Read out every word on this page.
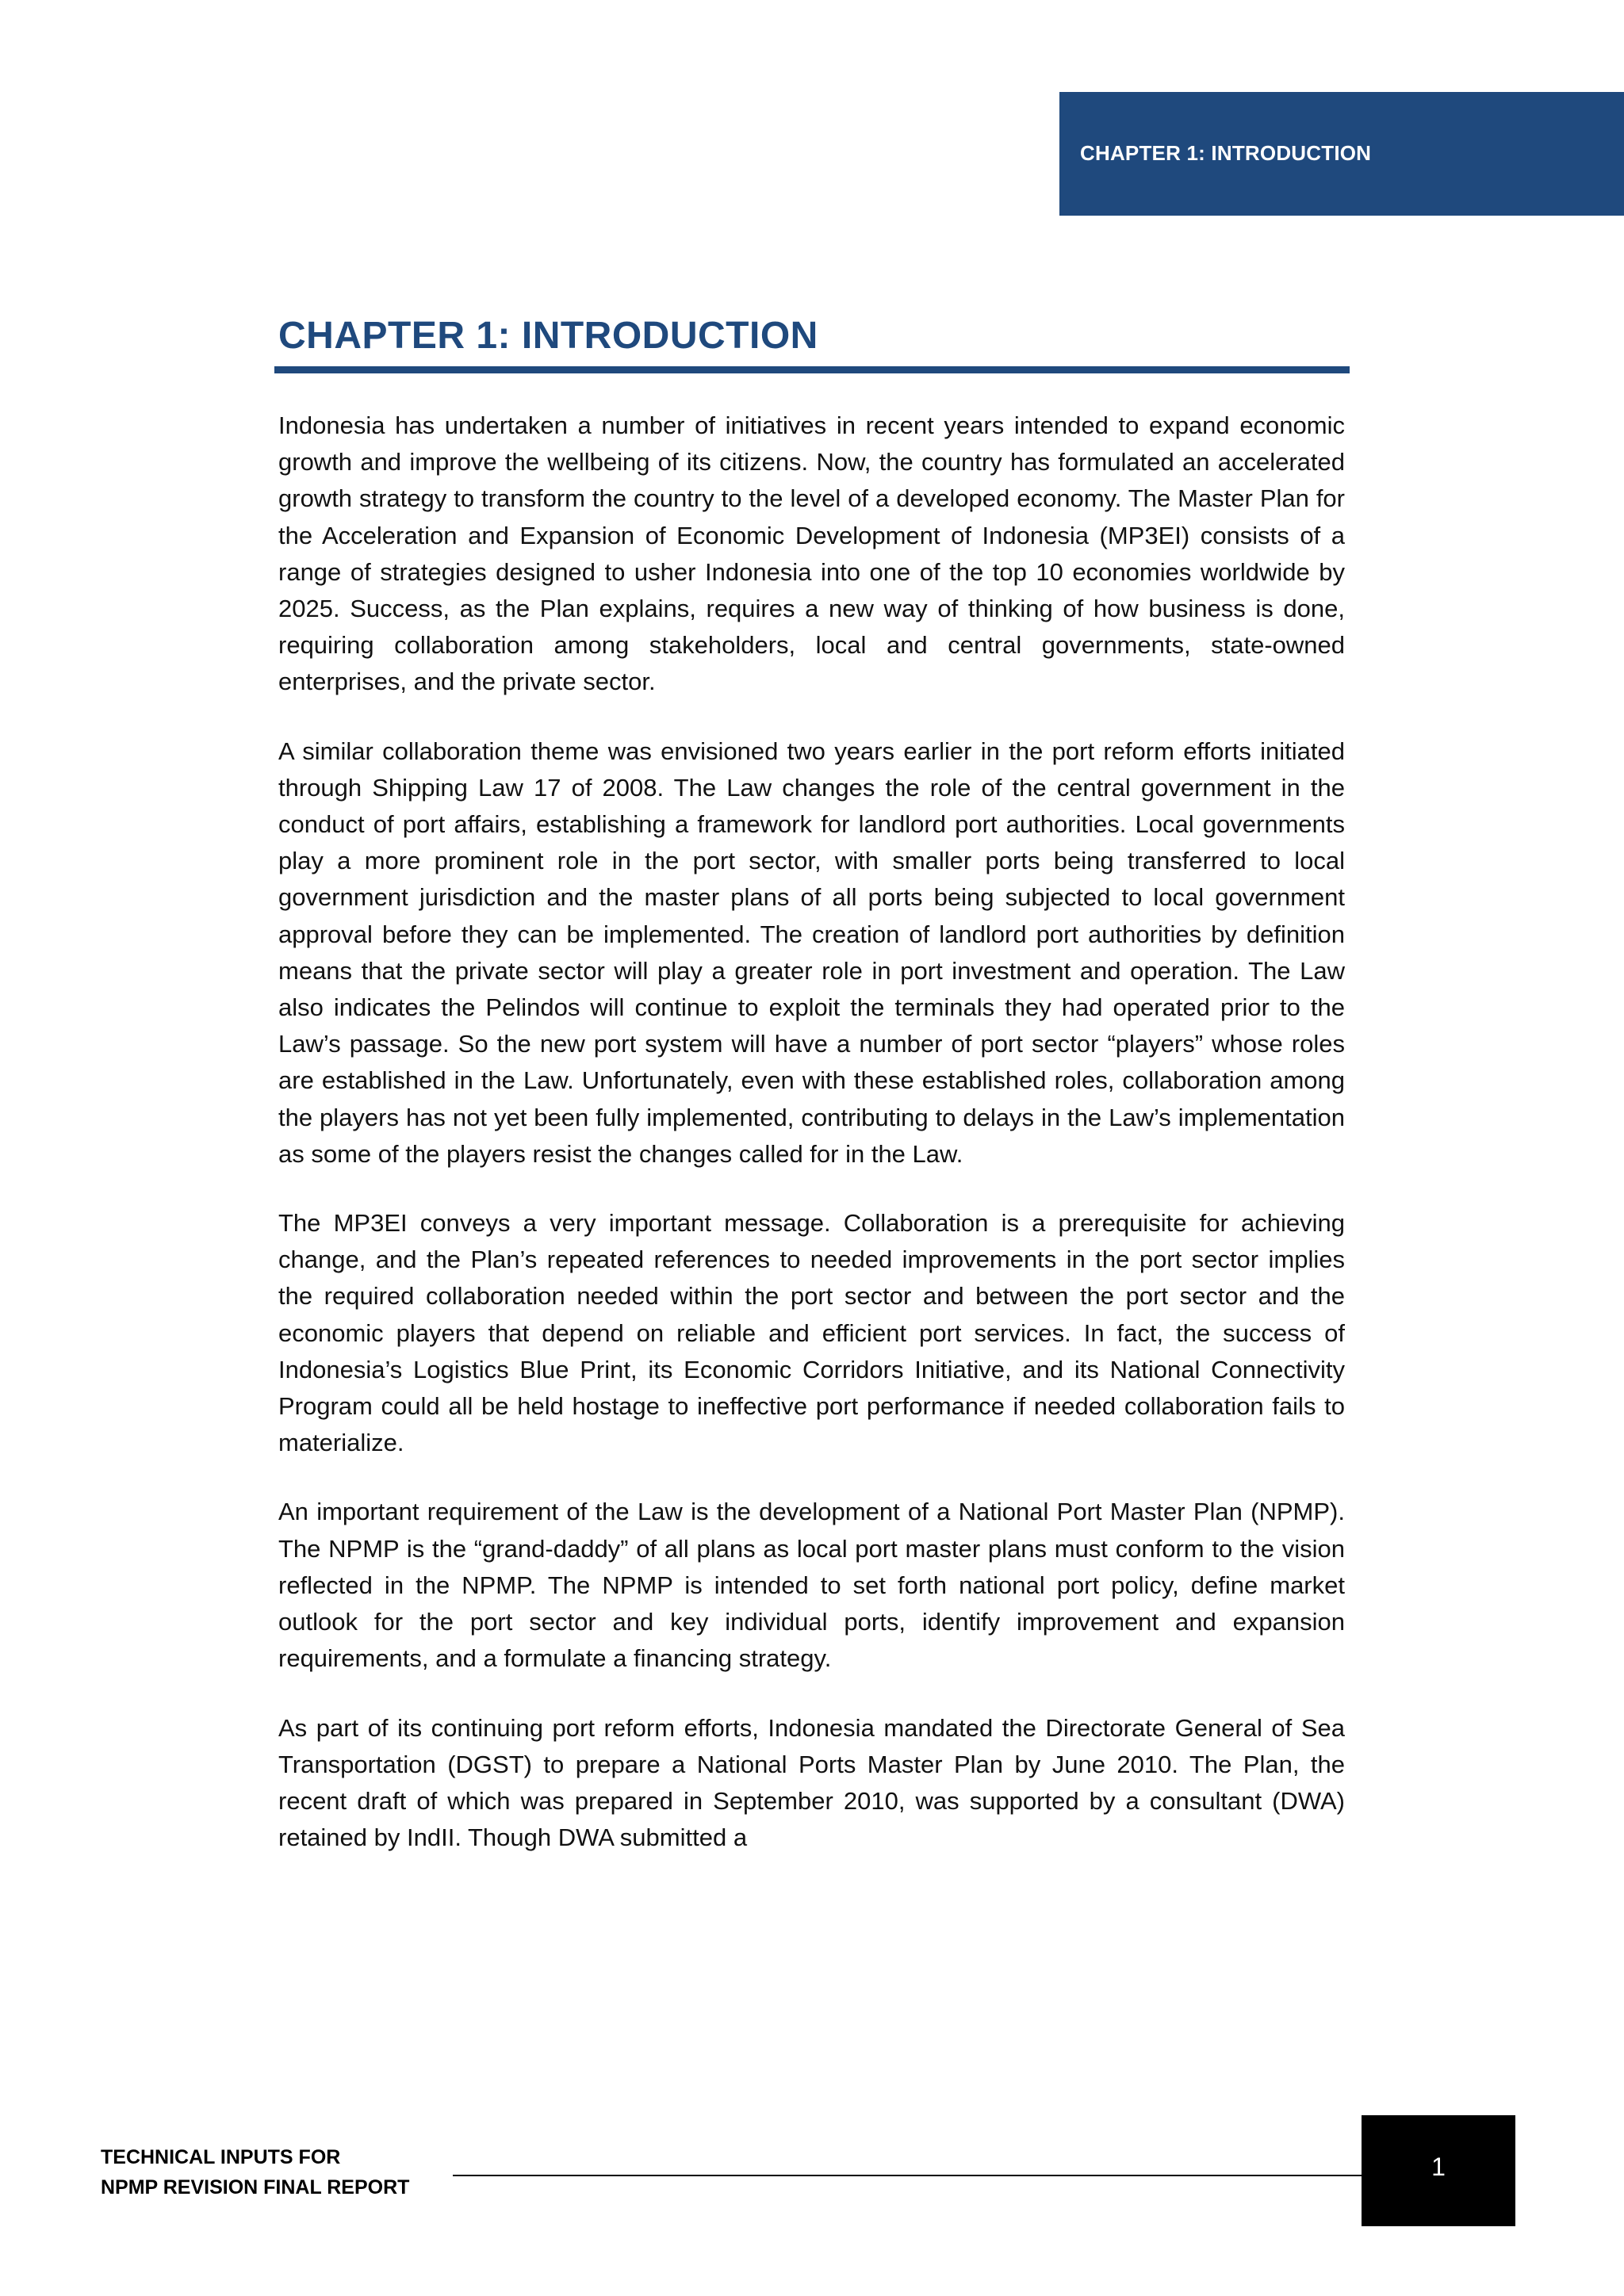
CHAPTER 1: INTRODUCTION
CHAPTER 1: INTRODUCTION

Indonesia has undertaken a number of initiatives in recent years intended to expand economic growth and improve the wellbeing of its citizens. Now, the country has formulated an accelerated growth strategy to transform the country to the level of a developed economy. The Master Plan for the Acceleration and Expansion of Economic Development of Indonesia (MP3EI) consists of a range of strategies designed to usher Indonesia into one of the top 10 economies worldwide by 2025. Success, as the Plan explains, requires a new way of thinking of how business is done, requiring collaboration among stakeholders, local and central governments, state-owned enterprises, and the private sector.

A similar collaboration theme was envisioned two years earlier in the port reform efforts initiated through Shipping Law 17 of 2008. The Law changes the role of the central government in the conduct of port affairs, establishing a framework for landlord port authorities. Local governments play a more prominent role in the port sector, with smaller ports being transferred to local government jurisdiction and the master plans of all ports being subjected to local government approval before they can be implemented. The creation of landlord port authorities by definition means that the private sector will play a greater role in port investment and operation. The Law also indicates the Pelindos will continue to exploit the terminals they had operated prior to the Law’s passage. So the new port system will have a number of port sector “players” whose roles are established in the Law. Unfortunately, even with these established roles, collaboration among the players has not yet been fully implemented, contributing to delays in the Law’s implementation as some of the players resist the changes called for in the Law.

The MP3EI conveys a very important message. Collaboration is a prerequisite for achieving change, and the Plan’s repeated references to needed improvements in the port sector implies the required collaboration needed within the port sector and between the port sector and the economic players that depend on reliable and efficient port services. In fact, the success of Indonesia’s Logistics Blue Print, its Economic Corridors Initiative, and its National Connectivity Program could all be held hostage to ineffective port performance if needed collaboration fails to materialize.

An important requirement of the Law is the development of a National Port Master Plan (NPMP). The NPMP is the “grand-daddy” of all plans as local port master plans must conform to the vision reflected in the NPMP. The NPMP is intended to set forth national port policy, define market outlook for the port sector and key individual ports, identify improvement and expansion requirements, and a formulate a financing strategy.

As part of its continuing port reform efforts, Indonesia mandated the Directorate General of Sea Transportation (DGST) to prepare a National Ports Master Plan by June 2010. The Plan, the recent draft of which was prepared in September 2010, was supported by a consultant (DWA) retained by IndII. Though DWA submitted a

TECHNICAL INPUTS FOR
NPMP REVISION FINAL REPORT
1
